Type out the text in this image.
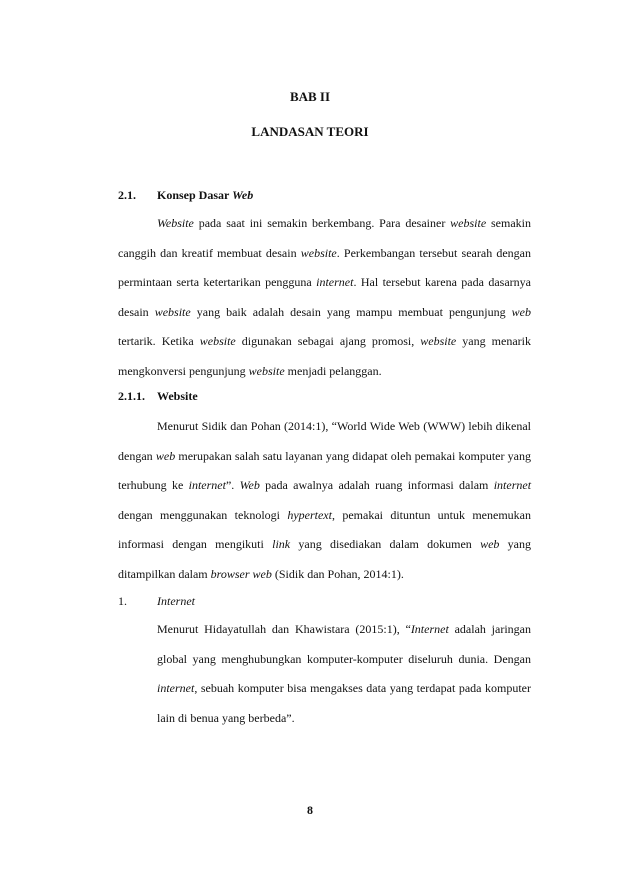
BAB II
LANDASAN TEORI
2.1. Konsep Dasar Web

Website pada saat ini semakin berkembang. Para desainer website semakin canggih dan kreatif membuat desain website. Perkembangan tersebut searah dengan permintaan serta ketertarikan pengguna internet. Hal tersebut karena pada dasarnya desain website yang baik adalah desain yang mampu membuat pengunjung web tertarik. Ketika website digunakan sebagai ajang promosi, website yang menarik mengkonversi pengunjung website menjadi pelanggan.

2.1.1. Website

Menurut Sidik dan Pohan (2014:1), “World Wide Web (WWW) lebih dikenal dengan web merupakan salah satu layanan yang didapat oleh pemakai komputer yang terhubung ke internet”. Web pada awalnya adalah ruang informasi dalam internet dengan menggunakan teknologi hypertext, pemakai dituntun untuk menemukan informasi dengan mengikuti link yang disediakan dalam dokumen web yang ditampilkan dalam browser web (Sidik dan Pohan, 2014:1).

1.	Internet

Menurut Hidayatullah dan Khawistara (2015:1), “Internet adalah jaringan global yang menghubungkan komputer-komputer diseluruh dunia. Dengan internet, sebuah komputer bisa mengakses data yang terdapat pada komputer lain di benua yang berbeda”.

8
